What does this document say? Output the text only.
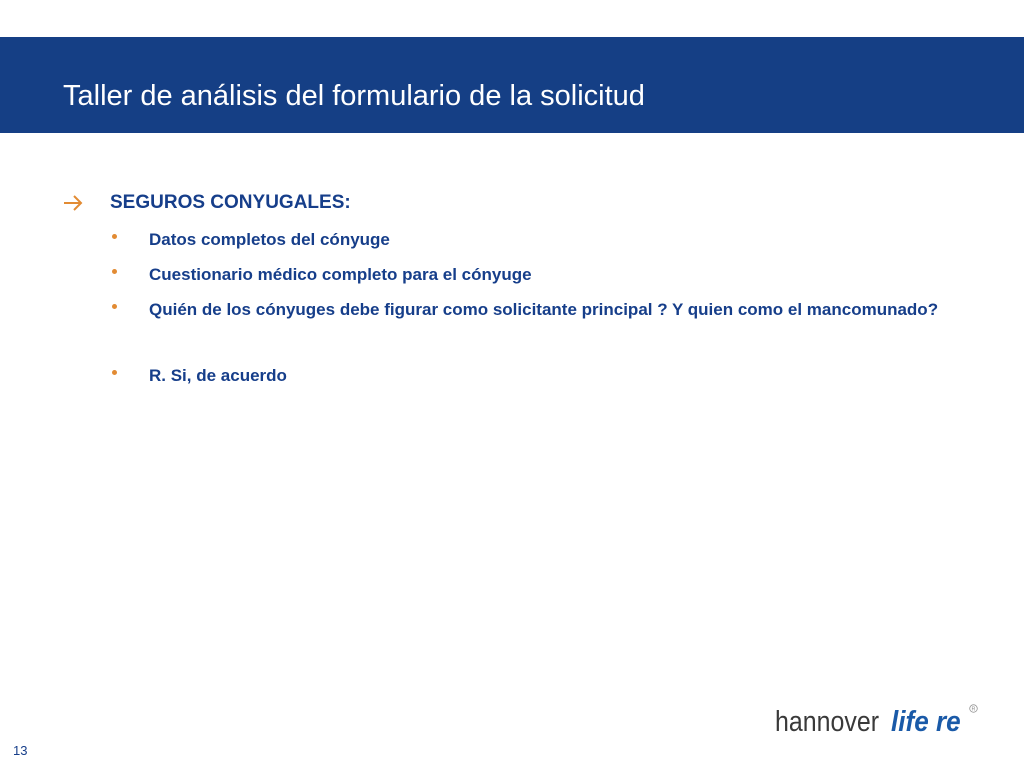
Taller de análisis del formulario de la solicitud
SEGUROS CONYUGALES:
Datos completos del cónyuge
Cuestionario médico completo para el cónyuge
Quién de los cónyuges debe figurar como solicitante principal ? Y quien como el mancomunado?
R. Si, de acuerdo
hannover life re R
13
